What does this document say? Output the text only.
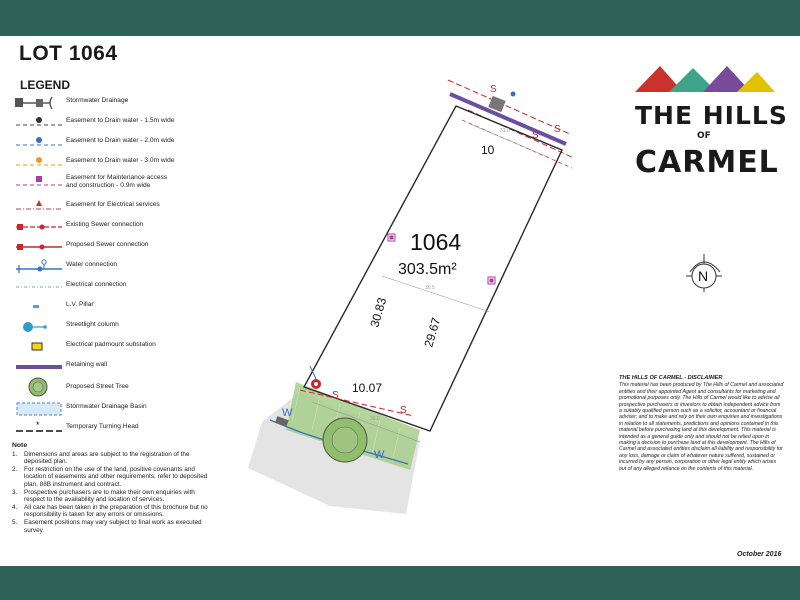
LOT 1064
LEGEND
Stormwater Drainage
Easement to Drain water - 1.5m wide
Easement to Drain water - 2.0m wide
Easement to Drain water - 3.0m wide
Easement for Maintenance access
and construction - 0.9m wide
Easement for Electrical services
Existing Sewer connection
Proposed Sewer connection
Water connection
Electrical connection
L.V. Pillar
Streetlight column
Electrical padmount substation
Retaining wall
Proposed Street Tree
Stormwater Drainage Basin
*	Temporary Turning Head
Note
1. Dimensions and areas are subject to the registration of the deposited plan.
2. For restriction on the use of the land, positive covenants and location of easements and other requirements, refer to deposited plan, 88B instrument and contract.
3. Prospective purchasers are to make their own enquiries with respect to the availability and location of services.
4. All care has been taken in the preparation of this brochure but no responsibility is taken for any errors or omissions.
5. Easement positions may vary subject to final work as executed survey.
W
W
S
S
S
31.0
30.5
30.0
S
S
1064
303.5m²
10
10.07
30.83
29.67
N
THE HILLS
OF
CARMEL
THE HILLS OF CARMEL - DISCLAIMER
This material has been produced by The Hills of Carmel and associated entities and their appointed Agent and consultants for marketing and promotional purposes only. The Hills of Carmel would like to advise all prospective purchasers or investors to obtain independent advice from a suitably qualified person such as a solicitor, accountant or financial adviser; and to make and rely on their own enquiries and investigations in relation to all statements, predictions and opinions contained in this material before purchasing land at this development. This material is intended as a general guide only and should not be relied upon in making a decision to purchase land at this development. The Hills of Carmel and associated entities disclaim all liability and responsibility for any loss, damage or claim of whatever nature suffered, sustained or incurred by any person, corporation or other legal entity which arises out of any alleged reliance on the contents of this material.
October 2016
